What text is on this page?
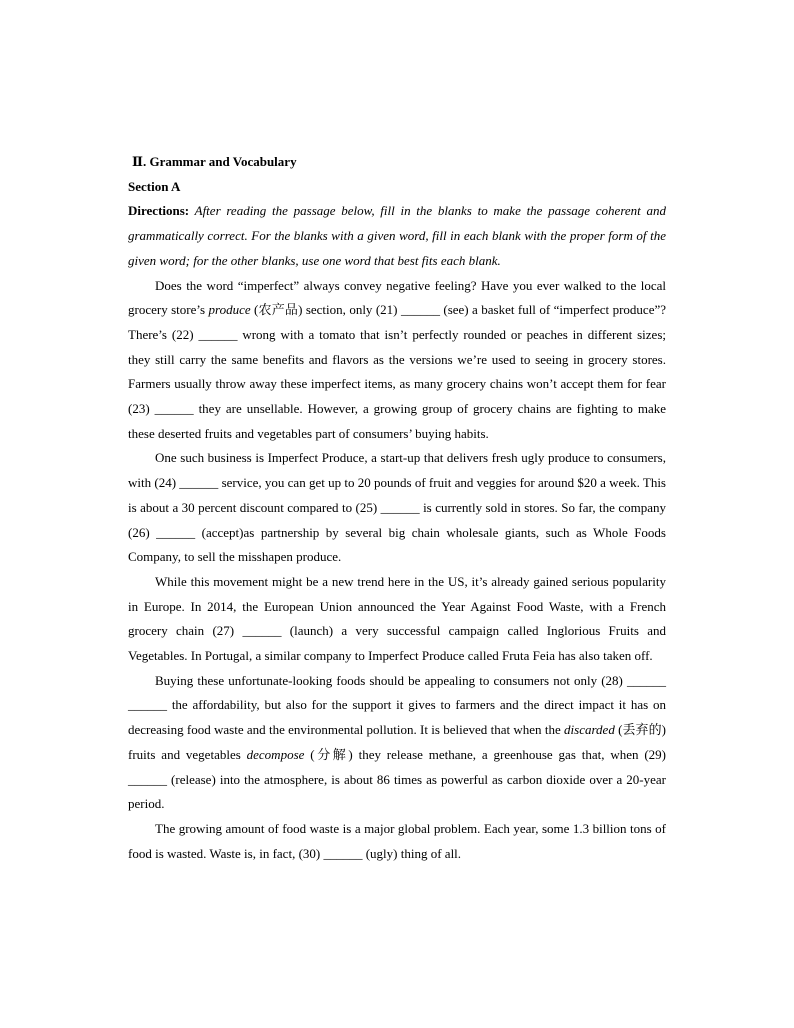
Ⅱ. Grammar and Vocabulary
Section A
Directions: After reading the passage below, fill in the blanks to make the passage coherent and grammatically correct. For the blanks with a given word, fill in each blank with the proper form of the given word; for the other blanks, use one word that best fits each blank.

Does the word “imperfect” always convey negative feeling? Have you ever walked to the local grocery store’s produce (农产品) section, only (21) ______ (see) a basket full of “imperfect produce”? There’s (22) ______ wrong with a tomato that isn’t perfectly rounded or peaches in different sizes; they still carry the same benefits and flavors as the versions we’re used to seeing in grocery stores. Farmers usually throw away these imperfect items, as many grocery chains won’t accept them for fear (23) ______ they are unsellable. However, a growing group of grocery chains are fighting to make these deserted fruits and vegetables part of consumers’ buying habits.

One such business is Imperfect Produce, a start-up that delivers fresh ugly produce to consumers, with (24) ______ service, you can get up to 20 pounds of fruit and veggies for around $20 a week. This is about a 30 percent discount compared to (25) ______ is currently sold in stores. So far, the company (26) ______ (accept)as partnership by several big chain wholesale giants, such as Whole Foods Company, to sell the misshapen produce.

While this movement might be a new trend here in the US, it’s already gained serious popularity in Europe. In 2014, the European Union announced the Year Against Food Waste, with a French grocery chain (27) ______ (launch) a very successful campaign called Inglorious Fruits and Vegetables. In Portugal, a similar company to Imperfect Produce called Fruta Feia has also taken off.

Buying these unfortunate-looking foods should be appealing to consumers not only (28) ______ ______ the affordability, but also for the support it gives to farmers and the direct impact it has on decreasing food waste and the environmental pollution. It is believed that when the discarded (丢弃的) fruits and vegetables decompose (分解) they release methane, a greenhouse gas that, when (29) ______ (release) into the atmosphere, is about 86 times as powerful as carbon dioxide over a 20-year period.

The growing amount of food waste is a major global problem. Each year, some 1.3 billion tons of food is wasted. Waste is, in fact, (30) ______ (ugly) thing of all.
